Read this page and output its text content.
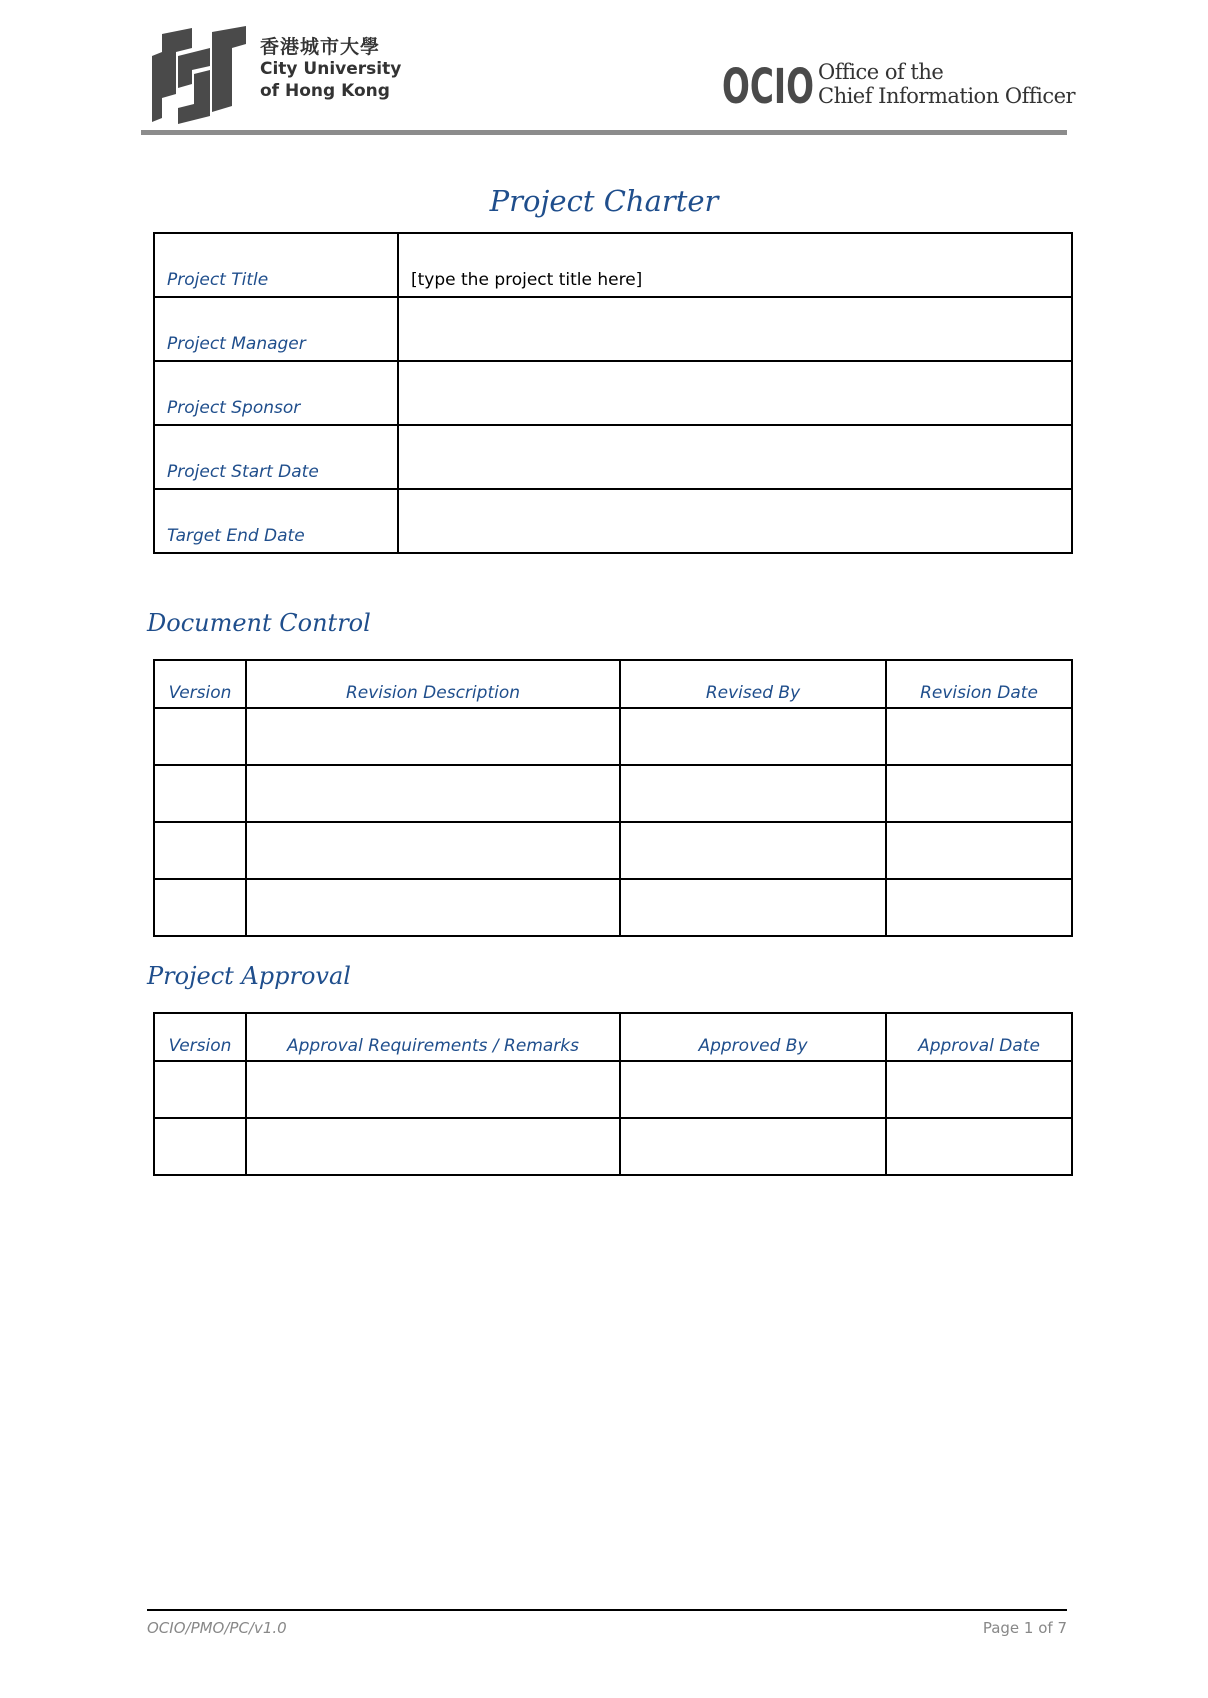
香港城市大學
City University
of Hong Kong	OCIO Office of the
Chief Information Officer
Project Charter
Project Title	[type the project title here]
Project Manager	
Project Sponsor	
Project Start Date	
Target End Date	
Document Control
Version	Revision Description	Revised By	Revision Date

Project Approval
Version	Approval Requirements / Remarks	Approved By	Approval Date

OCIO/PMO/PC/v1.0	Page 1 of 7
